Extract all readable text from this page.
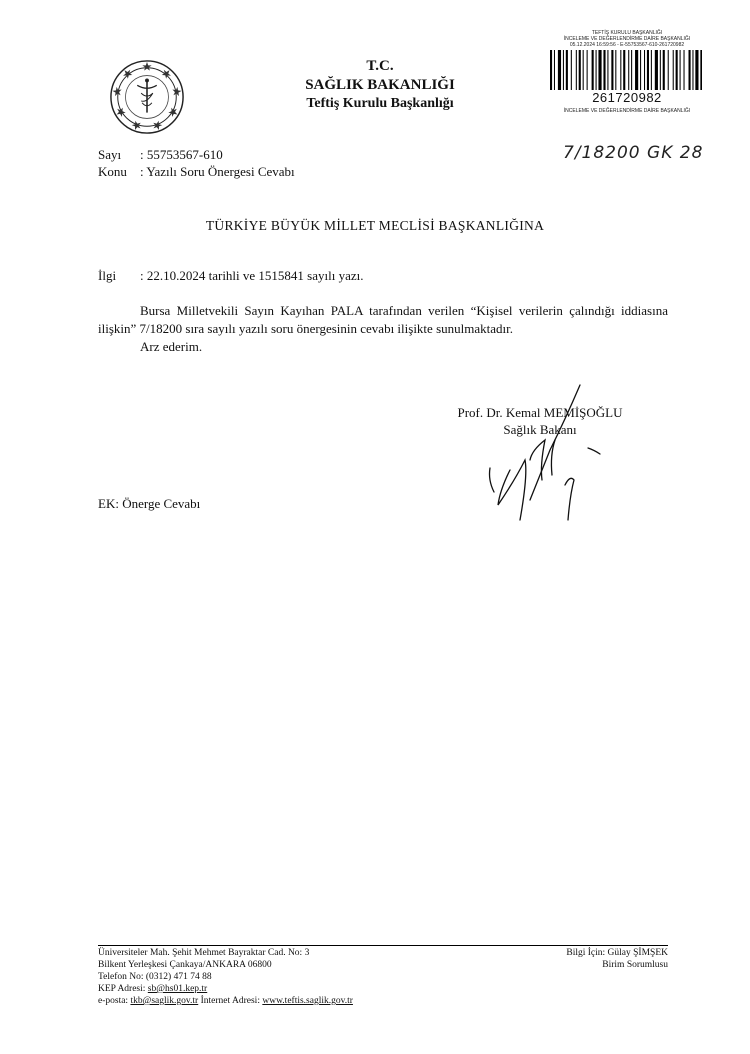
T.C.
SAĞLIK BAKANLIĞI
Teftiş Kurulu Başkanlığı
TEFTİŞ KURULU BAŞKANLIĞI
İNCELEME VE DEĞERLENDİRME DAİRE BAŞKANLIĞI
05.12.2024 16:59:56 - E-55753567-610-261720982
261720982
İNCELEME VE DEĞERLENDİRME DAİRE BAŞKANLIĞI
Sayı : 55753567-610
Konu : Yazılı Soru Önergesi Cevabı
7/18200 GK 28
TÜRKİYE BÜYÜK MİLLET MECLİSİ BAŞKANLIĞINA
İlgi : 22.10.2024 tarihli ve 1515841 sayılı yazı.
Bursa Milletvekili Sayın Kayıhan PALA tarafından verilen “Kişisel verilerin çalındığı iddiasına ilişkin” 7/18200 sıra sayılı yazılı soru önergesinin cevabı ilişikte sunulmaktadır.
Arz ederim.
Prof. Dr. Kemal MEMİŞOĞLU
Sağlık Bakanı
EK: Önerge Cevabı
Üniversiteler Mah. Şehit Mehmet Bayraktar Cad. No: 3
Bilkent Yerleşkesi Çankaya/ANKARA 06800
Telefon No: (0312) 471 74 88
KEP Adresi: sb@hs01.kep.tr
e-posta: tkb@saglik.gov.tr İnternet Adresi: www.teftis.saglik.gov.tr
Bilgi İçin: Gülay ŞİMŞEK
Birim Sorumlusu
